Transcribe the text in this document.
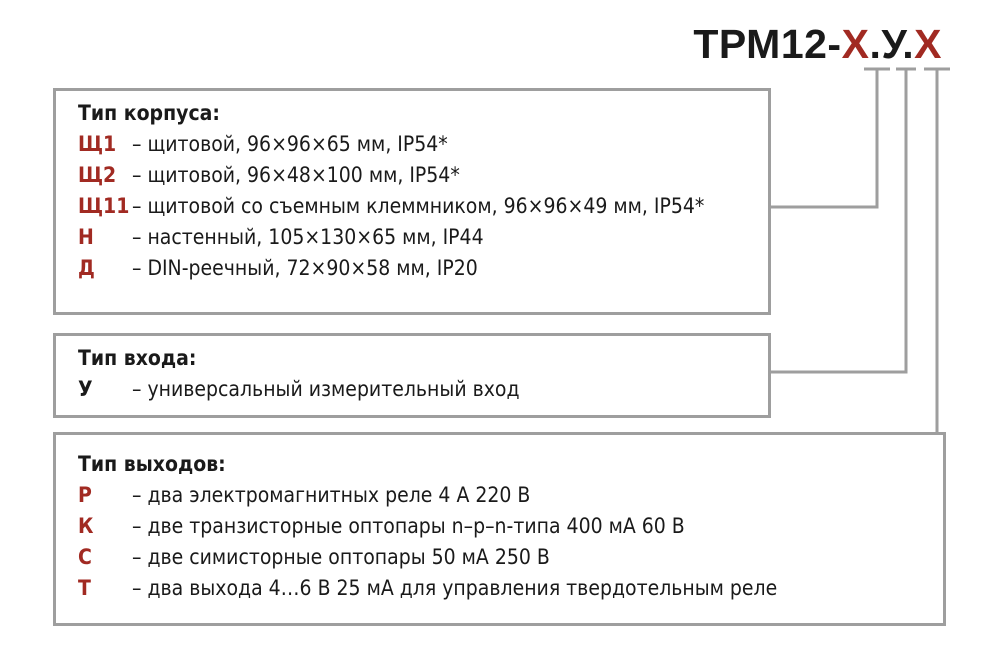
ТРМ12-Х.У.Х
Тип корпуса:
Щ1 – щитовой, 96×96×65 мм, IP54*
Щ2 – щитовой, 96×48×100 мм, IP54*
Щ11 – щитовой со съемным клеммником, 96×96×49 мм, IP54*
Н	– настенный, 105×130×65 мм, IP44
Д	– DIN-реечный, 72×90×58 мм, IP20
Тип входа:
У	– универсальный измерительный вход
Тип выходов:
Р	– два электромагнитных реле 4 А 220 В
К	– две транзисторные оптопары n–p–n-типа 400 мА 60 В
С	– две симисторные оптопары 50 мА 250 В
Т	– два выхода 4…6 В 25 мА для управления твердотельным реле
